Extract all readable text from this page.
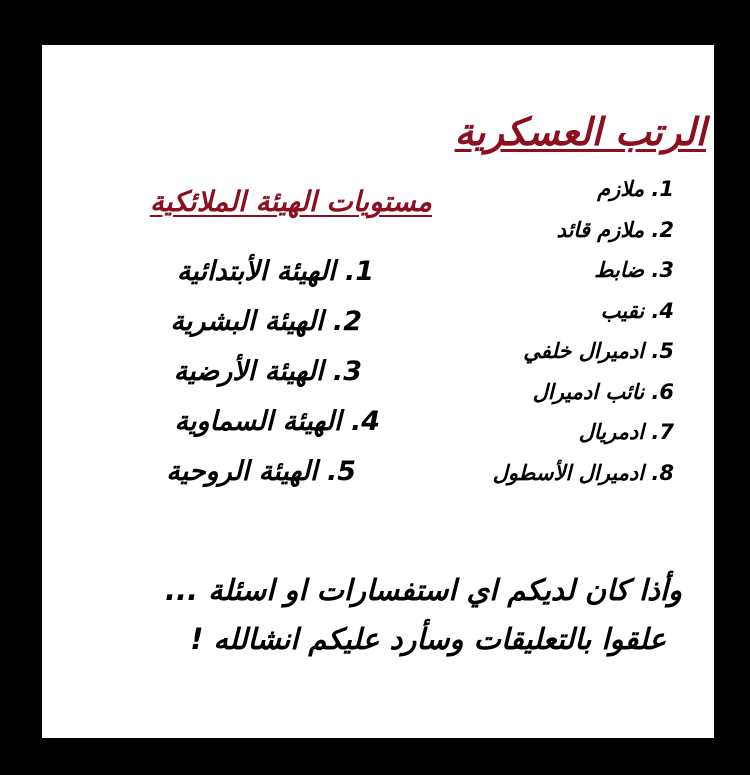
الرتب العسكرية
مستويات الهيئة الملائكية	1. ملازم
2. ملازم قائد
3. ضابط
4. نقيب
5. ادميرال خلفي
6. نائب ادميرال
7. ادمريال
8. ادميرال الأسطول
1. الهيئة الأبتدائية
2. الهيئة البشرية
3. الهيئة الأرضية
4. الهيئة السماوية
5. الهيئة الروحية
وأذا كان لديكم اي استفسارات او اسئلة ...
علقوا بالتعليقات وسأرد عليكم انشالله !
